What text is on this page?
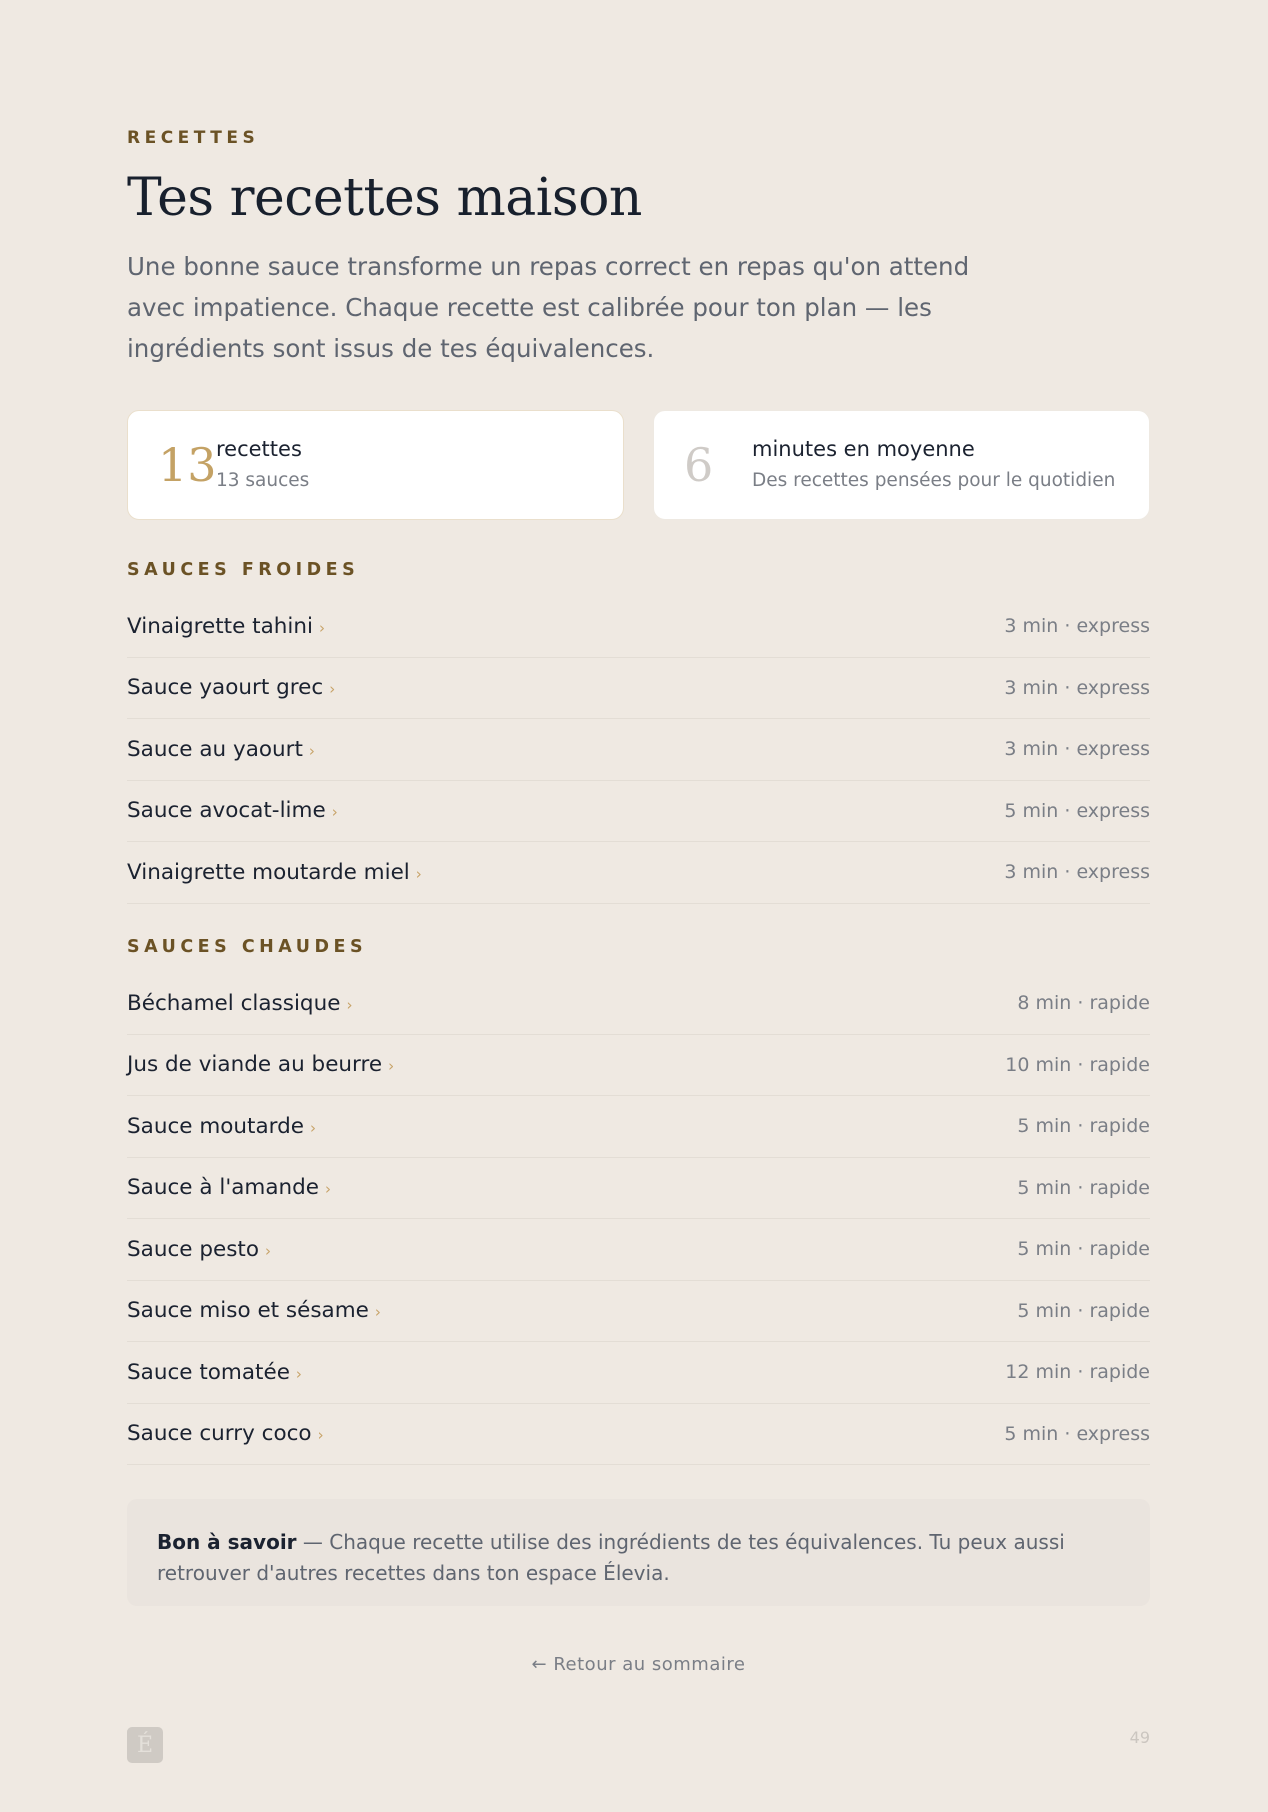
RECETTES
Tes recettes maison

Une bonne sauce transforme un repas correct en repas qu'on attend avec impatience. Chaque recette est calibrée pour ton plan — les ingrédients sont issus de tes équivalences.

13 recettes
13 sauces	6 minutes en moyenne
Des recettes pensées pour le quotidien
SAUCES FROIDES
Vinaigrette tahini ›	3 min · express
Sauce yaourt grec ›	3 min · express
Sauce au yaourt ›	3 min · express
Sauce avocat-lime ›	5 min · express
Vinaigrette moutarde miel ›	3 min · express
SAUCES CHAUDES
Béchamel classique ›	8 min · rapide
Jus de viande au beurre ›	10 min · rapide
Sauce moutarde ›	5 min · rapide
Sauce à l'amande ›	5 min · rapide
Sauce pesto ›	5 min · rapide
Sauce miso et sésame ›	5 min · rapide
Sauce tomatée ›	12 min · rapide
Sauce curry coco ›	5 min · express
Bon à savoir — Chaque recette utilise des ingrédients de tes équivalences. Tu peux aussi retrouver d'autres recettes dans ton espace Élevia.
← Retour au sommaire
É	49
